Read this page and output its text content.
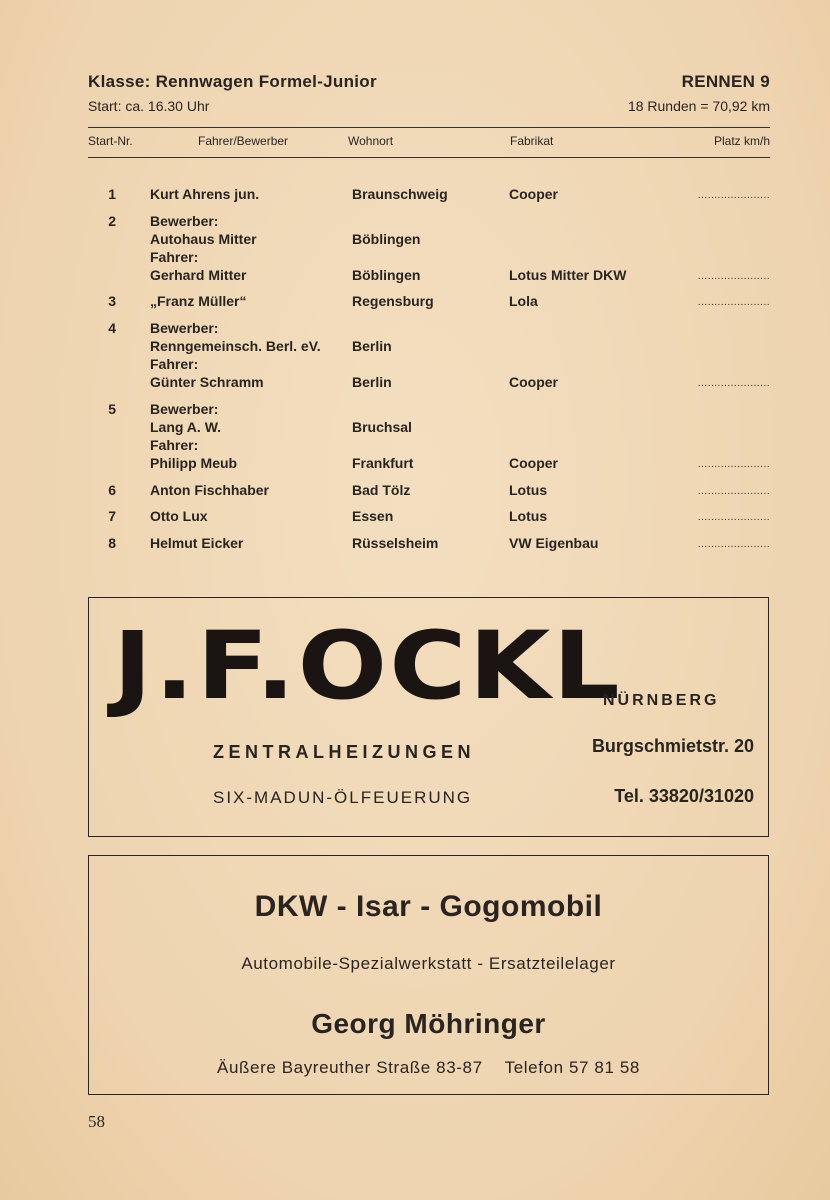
Klasse: Rennwagen Formel-Junior	RENNEN 9
Start: ca. 16.30 Uhr	18 Runden = 70,92 km
Start-Nr.	Fahrer/Bewerber	Wohnort	Fabrikat	Platz km/h
1 Kurt Ahrens jun.	Braunschweig	Cooper	......................
2 Bewerber:
Autohaus Mitter	Böblingen
Fahrer:
Gerhard Mitter	Böblingen	Lotus Mitter DKW	......................
3 „Franz Müller“	Regensburg	Lola	......................
4 Bewerber:
Renngemeinsch. Berl. eV. Berlin
Fahrer:
Günter Schramm	Berlin	Cooper	......................
5 Bewerber:
Lang A. W.	Bruchsal
Fahrer:
Philipp Meub	Frankfurt	Cooper	......................
6 Anton Fischhaber	Bad Tölz	Lotus	......................
7 Otto Lux	Essen	Lotus	......................
8 Helmut Eicker	Rüsselsheim	VW Eigenbau	......................
J.F.OCKL
NÜRNBERG
ZENTRALHEIZUNGEN
SIX-MADUN-ÖLFEUERUNG
Burgschmietstr. 20
Tel. 33820/31020
DKW - Isar - Gogomobil
Automobile-Spezialwerkstatt - Ersatzteilelager
Georg Möhringer
Äußere Bayreuther Straße 83-87 Telefon 57 81 58
58
